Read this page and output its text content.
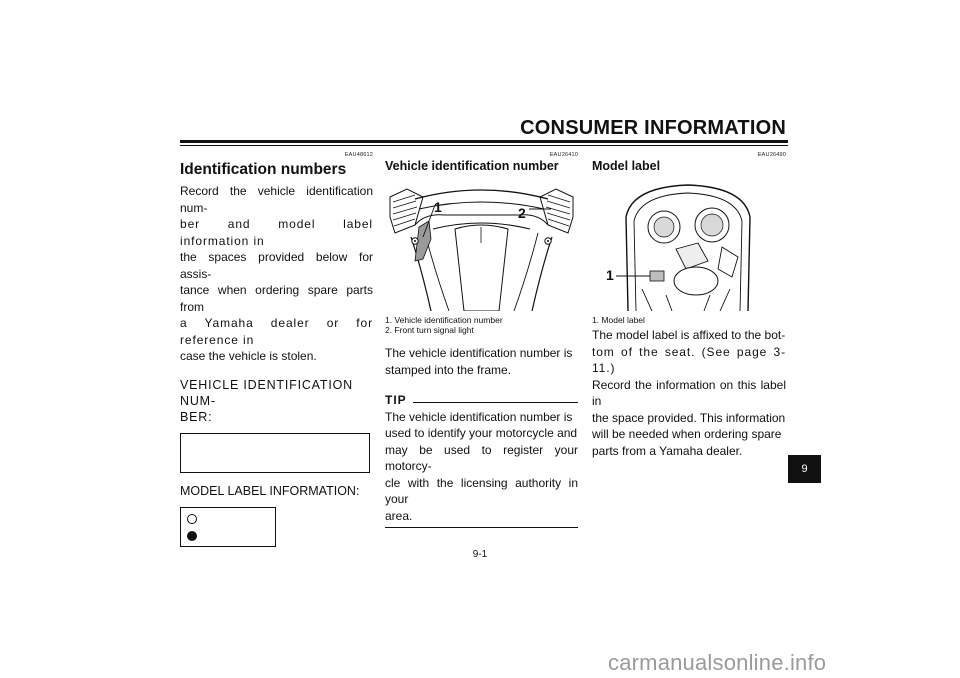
CONSUMER INFORMATION
EAU48612
Identification numbers

Record the vehicle identification num-
ber and model label information in
the spaces provided below for assis-
tance when ordering spare parts from
a Yamaha dealer or for reference in
case the vehicle is stolen.

VEHICLE IDENTIFICATION NUM-
BER:
MODEL LABEL INFORMATION:
EAU26410
Vehicle identification number
1	2
1. Vehicle identification number
2. Front turn signal light

The vehicle identification number is
stamped into the frame.

TIP

The vehicle identification number is
used to identify your motorcycle and
may be used to register your motorcy-
cle with the licensing authority in your
area.

EAU26490
Model label
1
1. Model label

The model label is affixed to the bot-
tom of the seat. (See page 3-11.)
Record the information on this label in
the space provided. This information
will be needed when ordering spare
parts from a Yamaha dealer.

9
9-1
carmanualsonline.info
